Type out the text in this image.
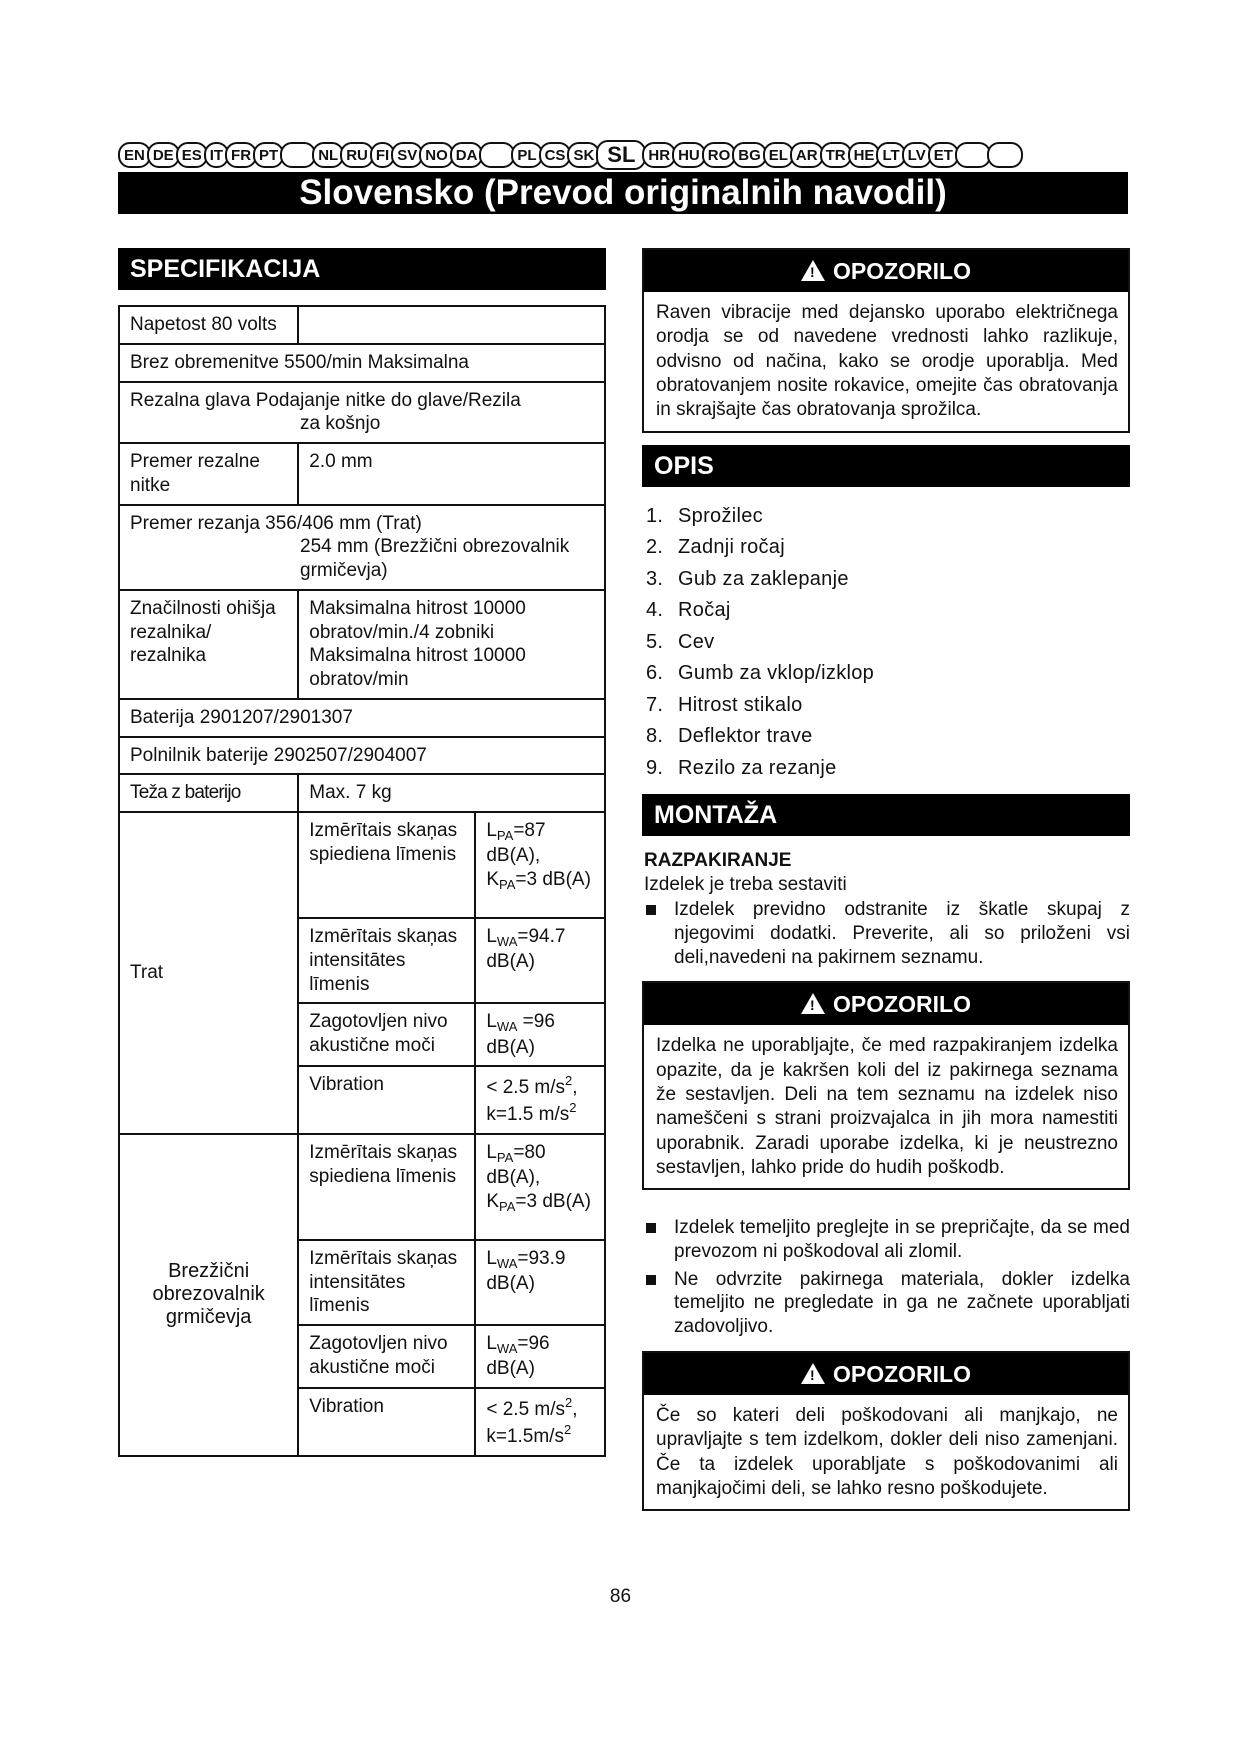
EN DE ES IT FR PT	NL RU FI SV NO DA	PL CS SK SL HR HU RO BG EL AR TR HE LT LV ET
Slovensko (Prevod originalnih navodil)
SPECIFIKACIJA
Napetost 80 volts		
Brez obremenitve 5500/min Maksimalna		

Rezalna glava Podajanje nitke do glave/Rezila
za košnjo		

Premer rezalne nitke	2.0 mm	

Premer rezanja 356/406 mm (Trat)
254 mm (Brezžični obrezovalnik grmičevja)		

Značilnosti ohišja rezalnika/ rezalnika	Maksimalna hitrost 10000 obratov/min./4 zobniki Maksimalna hitrost 10000 obratov/min	
Baterija 2901207/2901307		
Polnilnik baterije 2902507/2904007		
Teža z baterijo	Max. 7 kg	
Trat	Izmērītais skaņas spiediena līmenis	$L_{PA}=87$ dB(A),
$K_{PA}=3$ dB(A)
	Izmērītais skaņas intensitātes līmenis	$L_{WA}=94.7$ dB(A)
	Zagotovljen nivo akustične moči	$L_{WA} =96$ dB(A)
	Vibration	< 2.5 $m/s^2$,
k=1.5 $m/s^2$
Brezžični obrezovalnik grmičevja	Izmērītais skaņas spiediena līmenis	$L_{PA}=80$ dB(A),
$K_{PA}=3$ dB(A)
	Izmērītais skaņas intensitātes līmenis	$L_{WA}=93.9$ dB(A)
	Zagotovljen nivo akustične moči	$L_{WA}=96$ dB(A)
	Vibration	< 2.5 $m/s^2$,
$k=1.5m/s^2$
! OPOZORILO
Raven vibracije med dejansko uporabo električnega orodja se od navedene vrednosti lahko razlikuje, odvisno od načina, kako se orodje uporablja. Med obratovanjem nosite rokavice, omejite čas obratovanja in skrajšajte čas obratovanja sprožilca.
OPIS
1. Sprožilec
2. Zadnji ročaj
3. Gub za zaklepanje
4. Ročaj
5. Cev
6. Gumb za vklop/izklop
7. Hitrost stikalo
8. Deflektor trave
9. Rezilo za rezanje
MONTAŽA
RAZPAKIRANJE
Izdelek je treba sestaviti
Izdelek previdno odstranite iz škatle skupaj z njegovimi dodatki. Preverite, ali so priloženi vsi deli,navedeni na pakirnem seznamu.
! OPOZORILO
Izdelka ne uporabljajte, če med razpakiranjem izdelka opazite, da je kakršen koli del iz pakirnega seznama že sestavljen. Deli na tem seznamu na izdelek niso nameščeni s strani proizvajalca in jih mora namestiti uporabnik. Zaradi uporabe izdelka, ki je neustrezno sestavljen, lahko pride do hudih poškodb.
Izdelek temeljito preglejte in se prepričajte, da se med prevozom ni poškodoval ali zlomil.
Ne odvrzite pakirnega materiala, dokler izdelka temeljito ne pregledate in ga ne začnete uporabljati zadovoljivo.
! OPOZORILO
Če so kateri deli poškodovani ali manjkajo, ne upravljajte s tem izdelkom, dokler deli niso zamenjani. Če ta izdelek uporabljate s poškodovanimi ali manjkajočimi deli, se lahko resno poškodujete.
86
